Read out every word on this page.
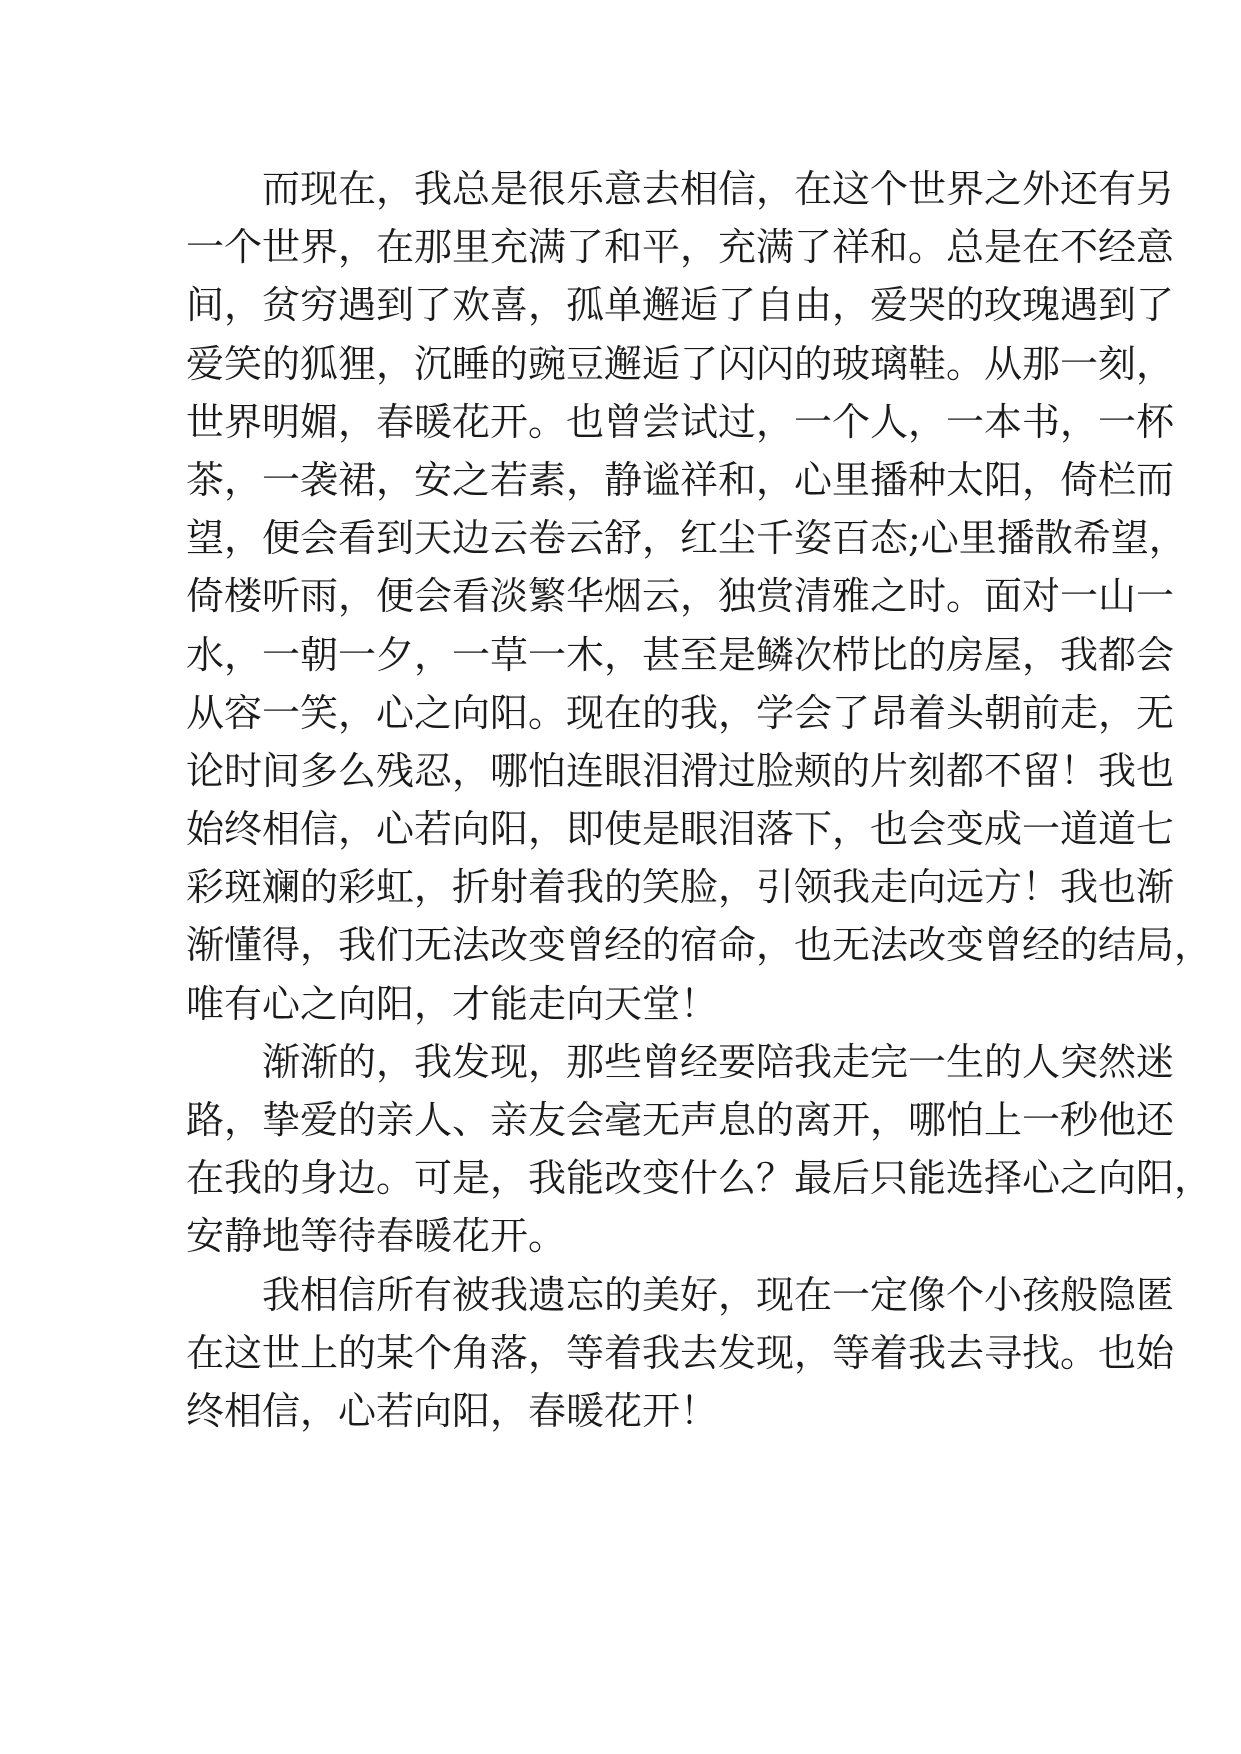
而现在，我总是很乐意去相信，在这个世界之外还有另
一个世界，在那里充满了和平，充满了祥和。总是在不经意
间，贫穷遇到了欢喜，孤单邂逅了自由，爱哭的玫瑰遇到了
爱笑的狐狸，沉睡的豌豆邂逅了闪闪的玻璃鞋。从那一刻，
世界明媚，春暖花开。也曾尝试过，一个人，一本书，一杯
茶，一袭裙，安之若素，静谧祥和，心里播种太阳，倚栏而
望，便会看到天边云卷云舒，红尘千姿百态;心里播散希望，
倚楼听雨，便会看淡繁华烟云，独赏清雅之时。面对一山一
水，一朝一夕，一草一木，甚至是鳞次栉比的房屋，我都会
从容一笑，心之向阳。现在的我，学会了昂着头朝前走，无
论时间多么残忍，哪怕连眼泪滑过脸颊的片刻都不留！我也
始终相信，心若向阳，即使是眼泪落下，也会变成一道道七
彩斑斓的彩虹，折射着我的笑脸，引领我走向远方！我也渐
渐懂得，我们无法改变曾经的宿命，也无法改变曾经的结局，
唯有心之向阳，才能走向天堂！
渐渐的，我发现，那些曾经要陪我走完一生的人突然迷
路，挚爱的亲人、亲友会毫无声息的离开，哪怕上一秒他还
在我的身边。可是，我能改变什么？最后只能选择心之向阳，
安静地等待春暖花开。
我相信所有被我遗忘的美好，现在一定像个小孩般隐匿
在这世上的某个角落，等着我去发现，等着我去寻找。也始
终相信，心若向阳，春暖花开！
